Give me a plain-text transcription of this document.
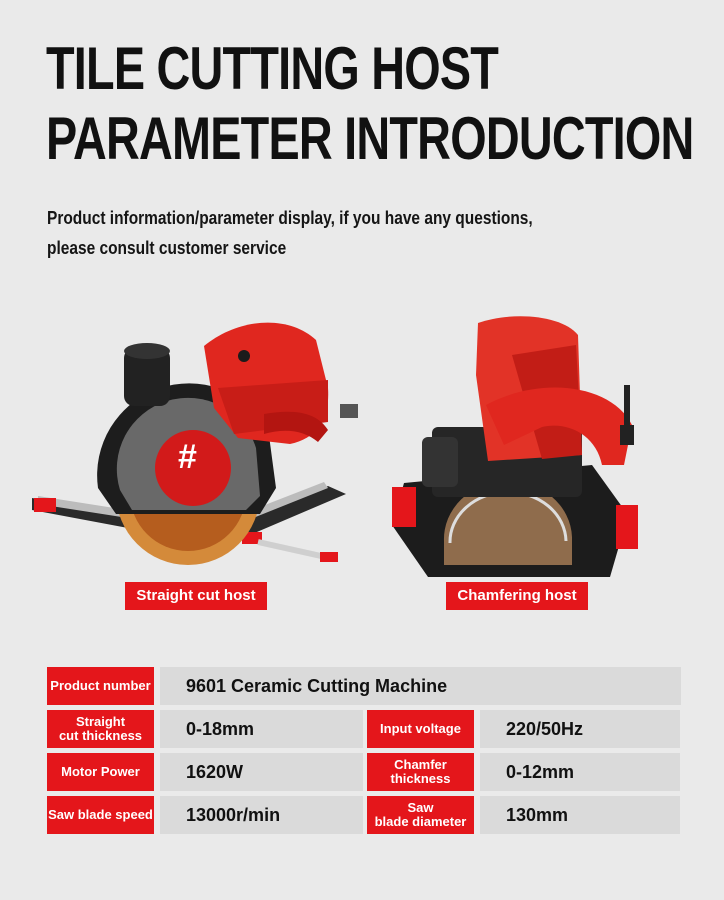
TILE CUTTING HOST
PARAMETER INTRODUCTION
Product information/parameter display, if you have any questions,
please consult customer service
#
Straight cut host	Chamfering host
Product number	9601 Ceramic Cutting Machine
Straight
cut thickness	0-18mm	Input voltage	220/50Hz
Motor Power	1620W	Chamfer
thickness	0-12mm
Saw blade speed	13000r/min	Saw
blade diameter	130mm
